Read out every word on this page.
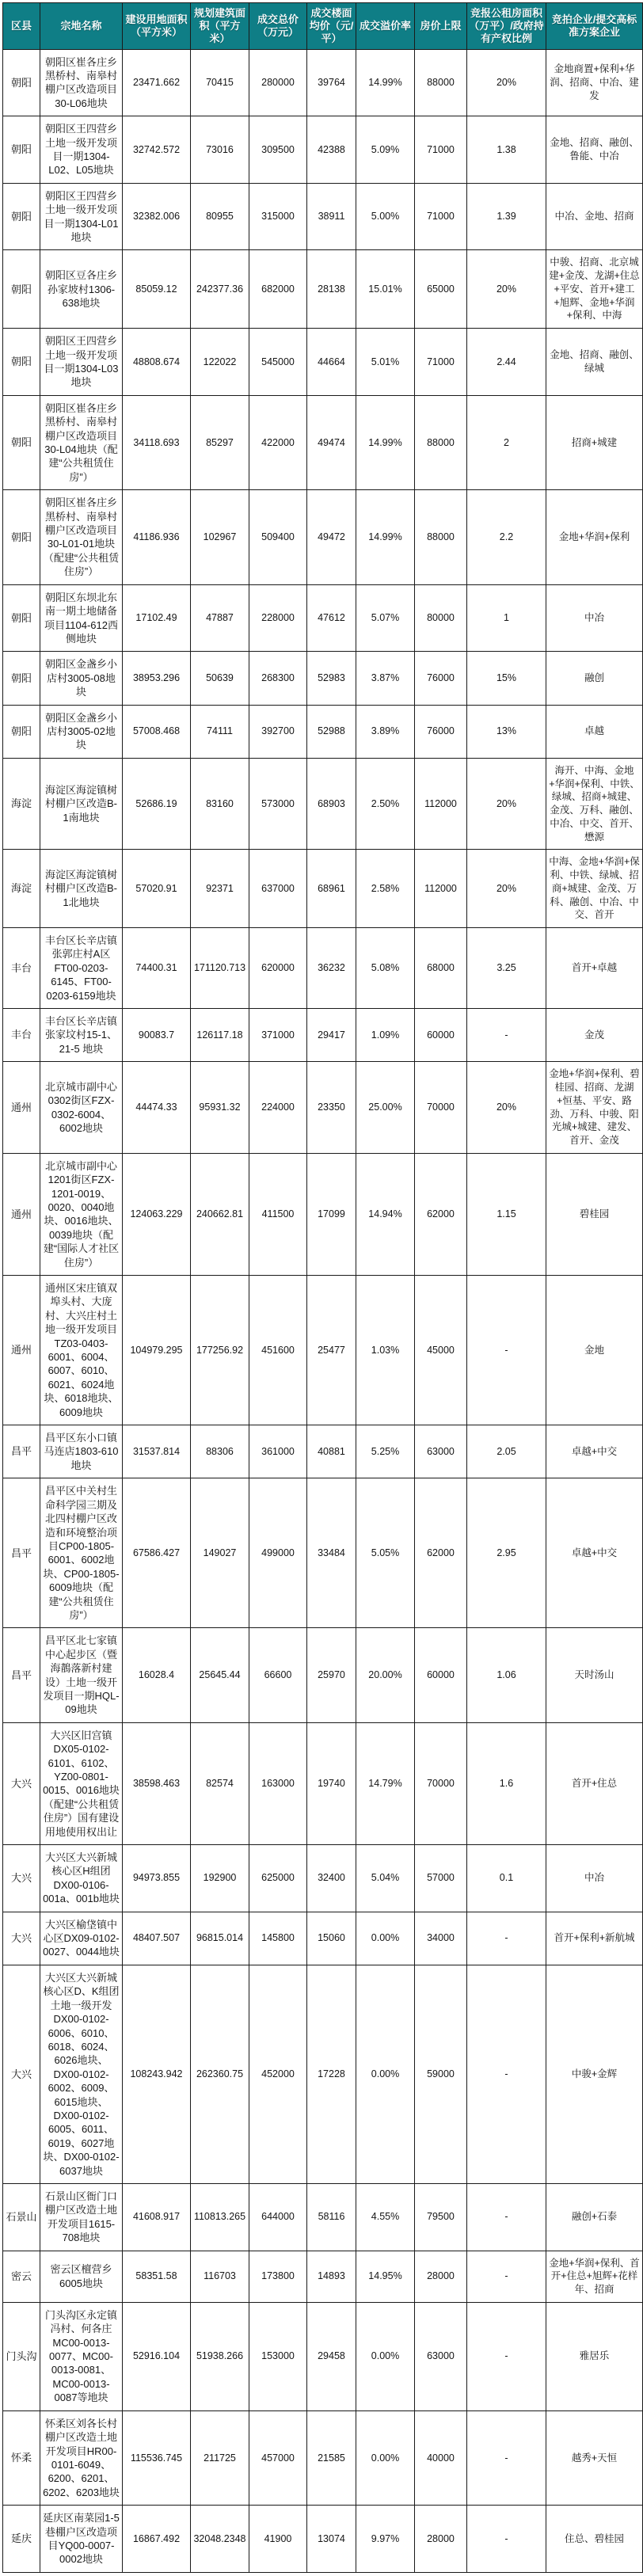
区县	宗地名称	建设用地面积（平方米）	规划建筑面积（平方米）	成交总价（万元）	成交楼面均价（元/平）	成交溢价率	房价上限	竞报公租房面积（万平）/政府持有产权比例	竞拍企业/提交高标准方案企业
朝阳	朝阳区崔各庄乡黑桥村、南皋村棚户区改造项目30-L06地块	23471.662	70415	280000	39764	14.99%	88000	20%	金地商置+保利+华润、招商、中冶、建发
朝阳	朝阳区王四营乡土地一级开发项目一期1304-L02、L05地块	32742.572	73016	309500	42388	5.09%	71000	1.38	金地、招商、融创、鲁能、中冶
朝阳	朝阳区王四营乡土地一级开发项目一期1304-L01地块	32382.006	80955	315000	38911	5.00%	71000	1.39	中冶、金地、招商
朝阳	朝阳区豆各庄乡孙家坡村1306-638地块	85059.12	242377.36	682000	28138	15.01%	65000	20%	中骏、招商、北京城建+金茂、龙湖+住总+平安、首开+建工+旭辉、金地+华润+保利、中海
朝阳	朝阳区王四营乡土地一级开发项目一期1304-L03地块	48808.674	122022	545000	44664	5.01%	71000	2.44	金地、招商、融创、绿城
朝阳	朝阳区崔各庄乡黑桥村、南皋村棚户区改造项目30-L04地块（配建“公共租赁住房”）	34118.693	85297	422000	49474	14.99%	88000	2	招商+城建
朝阳	朝阳区崔各庄乡黑桥村、南皋村棚户区改造项目30-L01-01地块（配建“公共租赁住房”）	41186.936	102967	509400	49472	14.99%	88000	2.2	金地+华润+保利
朝阳	朝阳区东坝北东南一期土地储备项目1104-612西侧地块	17102.49	47887	228000	47612	5.07%	80000	1	中冶
朝阳	朝阳区金盏乡小店村3005-08地块	38953.296	50639	268300	52983	3.87%	76000	15%	融创
朝阳	朝阳区金盏乡小店村3005-02地块	57008.468	74111	392700	52988	3.89%	76000	13%	卓越
海淀	海淀区海淀镇树村棚户区改造B-1南地块	52686.19	83160	573000	68903	2.50%	112000	20%	海开、中海、金地+华润+保利、中铁、绿城、招商+城建、金茂、万科、融创、中冶、中交、首开、懋源
海淀	海淀区海淀镇树村棚户区改造B-1北地块	57020.91	92371	637000	68961	2.58%	112000	20%	中海、金地+华润+保利、中铁、绿城、招商+城建、金茂、万科、融创、中冶、中交、首开
丰台	丰台区长辛店镇张郭庄村A区FT00-0203-6145、FT00-0203-6159地块	74400.31	171120.713	620000	36232	5.08%	68000	3.25	首开+卓越
丰台	丰台区长辛店镇张家坟村15-1、21-5 地块	90083.7	126117.18	371000	29417	1.09%	60000	-	金茂
通州	北京城市副中心0302街区FZX-0302-6004、6002地块	44474.33	95931.32	224000	23350	25.00%	70000	20%	金地+华润+保利、碧桂园、招商、龙湖+恒基、平安、路劲、万科、中骏、阳光城+城建、建发、首开、金茂
通州	北京城市副中心1201街区FZX-1201-0019、0020、0040地块、0016地块、0039地块（配建“国际人才社区住房”）	124063.229	240662.81	411500	17099	14.94%	62000	1.15	碧桂园
通州	通州区宋庄镇双埠头村、大庞村、大兴庄村土地一级开发项目TZ03-0403-6001、6004、6007、6010、6021、6024地块、6018地块、6009地块	104979.295	177256.92	451600	25477	1.03%	45000	-	金地
昌平	昌平区东小口镇马连店1803-610地块	31537.814	88306	361000	40881	5.25%	63000	2.05	卓越+中交
昌平	昌平区中关村生命科学园三期及北四村棚户区改造和环境整治项目CP00-1805-6001、6002地块、CP00-1805-6009地块（配建“公共租赁住房”）	67586.427	149027	499000	33484	5.05%	62000	2.95	卓越+中交
昌平	昌平区北七家镇中心起步区（暨海鶄落新村建设）土地一级开发项目一期HQL-09地块	16028.4	25645.44	66600	25970	20.00%	60000	1.06	天时汤山
大兴	大兴区旧宫镇DX05-0102-6101、6102、YZ00-0801-0015、0016地块（配建“公共租赁住房”）国有建设用地使用权出让	38598.463	82574	163000	19740	14.79%	70000	1.6	首开+住总
大兴	大兴区大兴新城核心区H组团DX00-0106-001a、001b地块	94973.855	192900	625000	32400	5.04%	57000	0.1	中冶
大兴	大兴区榆垡镇中心区DX09-0102-0027、0044地块	48407.507	96815.014	145800	15060	0.00%	34000	-	首开+保利+新航城
大兴	大兴区大兴新城核心区D、K组团土地一级开发DX00-0102-6006、6010、6018、6024、6026地块、DX00-0102-6002、6009、6015地块、DX00-0102-6005、6011、6019、6027地块、DX00-0102-6037地块	108243.942	262360.75	452000	17228	0.00%	59000	-	中骏+金辉
石景山	石景山区衙门口棚户区改造土地开发项目1615-708地块	41608.917	110813.265	644000	58116	4.55%	79500	-	融创+石泰
密云	密云区檀营乡6005地块	58351.58	116703	173800	14893	14.95%	28000	-	金地+华润+保利、首开+住总+旭辉+花样年、招商
门头沟	门头沟区永定镇冯村、何各庄MC00-0013-0077、MC00-0013-0081、MC00-0013-0087等地块	52916.104	51938.266	153000	29458	0.00%	63000	-	雅居乐
怀柔	怀柔区刘各长村棚户区改造土地开发项目HR00-0101-6049、6200、6201、6202、6203地块	115536.745	211725	457000	21585	0.00%	40000	-	越秀+天恒
延庆	延庆区南菜园1-5巷棚户区改造项目YQ00-0007-0002地块	16867.492	32048.2348	41900	13074	9.97%	28000	-	住总、碧桂园
